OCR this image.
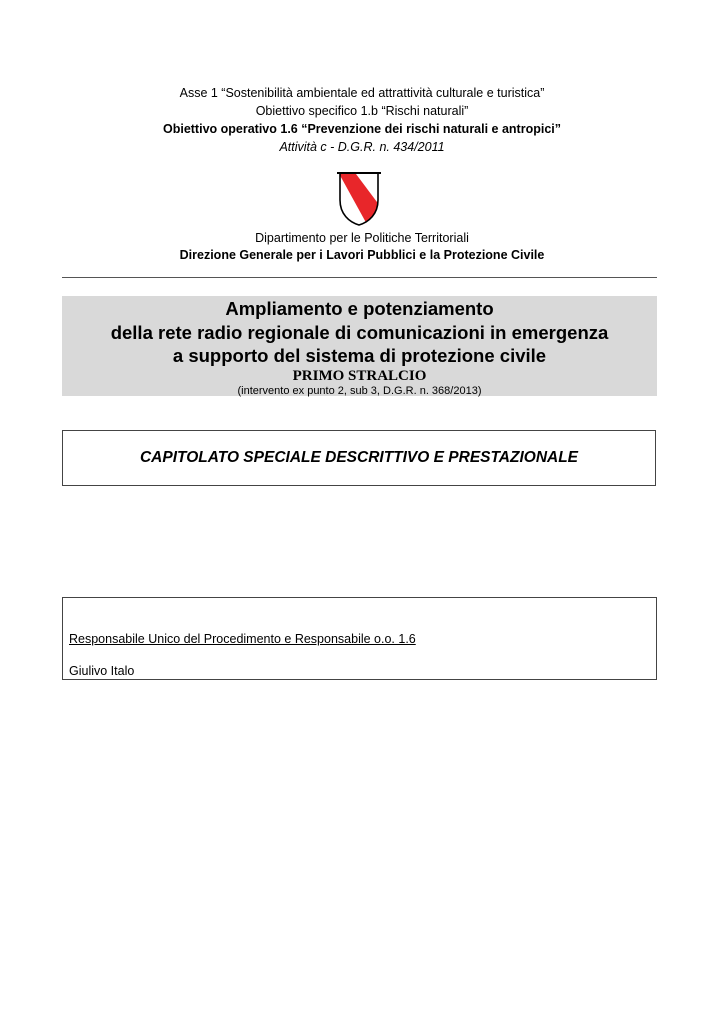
Asse 1 “Sostenibilità ambientale ed attrattività culturale e turistica”
Obiettivo specifico 1.b “Rischi naturali”
Obiettivo operativo 1.6 “Prevenzione dei rischi naturali e antropici”
Attività c - D.G.R. n. 434/2011
Dipartimento per le Politiche Territoriali
Direzione Generale per i Lavori Pubblici e la Protezione Civile
Ampliamento e potenziamento
della rete radio regionale di comunicazioni in emergenza
a supporto del sistema di protezione civile
PRIMO STRALCIO
(intervento ex punto 2, sub 3, D.G.R. n. 368/2013)
CAPITOLATO SPECIALE DESCRITTIVO E PRESTAZIONALE
Responsabile Unico del Procedimento e Responsabile o.o. 1.6
Giulivo Italo
